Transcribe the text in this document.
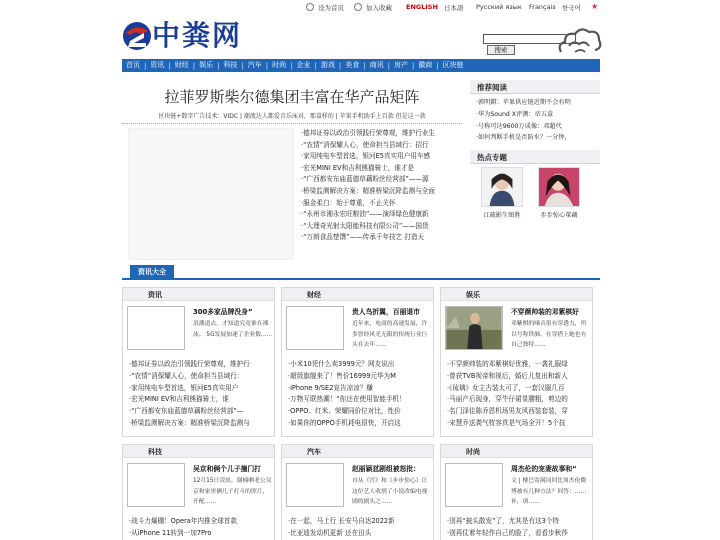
设为首页	加入收藏 ENGLISH 日本語 Русский язык Français 한국어 ★
中粪网	搜索
首页 | 资讯 | 财经 | 娱乐 | 科技 | 汽车 | 时尚 | 企业 | 游戏 | 美食 | 商讯 | 房产 | 徽商 | 区块链
拉菲罗斯柴尔德集团丰富在华产品矩阵
区块链+数字广告技术：VIDC | 潮流达人都爱音乐床对，那盒样的 | 苹果手机助手上百款 但是这一款
·德邦证券以政治引领践行荣尊观，维护行业生
·“农情”消保耀人心，使命担当县域行：招行
·家用纯电车型首选，银河E5真实用户用车感
·宏光MINI EV和吉利熊猫骑士，谁才是
·“广西都安东庙蓝德草藕粉丝经营部”——源
·桥梁监测解决方案：精准桥梁沉降监测与全面
·服金柔白：始于尊重，不止关怀
·“永州市湘永宏旺粮油”——演绎绿色健康新
·“大理奇光射太阳能科技有限公司”——国货
·“万朗食品楚馔”——传承千年技艺 打造天
推荐阅读
·郭明錤：苹果供应链近期不会有明
·华为Sound X评测：帝五盒
·号称可达9600万成像：邓超代
·如何判断手机是否防水？一分钟，
热点专题
江疏影生图胜	步步惊心董藕
资讯大全
资讯
300多家品牌没身”
浪潮道去，才知道究竟谁在裸泳。 5G发展加速了企业数……
·德邦证券以政治引领践行荣尊观，维护行
·“农情”消保耀人心，使命担当县域行：
·家用纯电车型首选，银河E5真实用户
·宏光MINI EV和吉利熊猫骑士，谁
·“广西都安东庙蓝德草藕粉丝经营部”—
·桥梁监测解决方案：精准桥梁沉降监测与
财经
贵人鸟折翼，百丽退市
近年来，电商的高速发展，许多曾经风光无限的传统行业巨头在去年……
·小米10凭什么卖3999元？网友说出
·超级旗舰来了！售价16999元华为M
·iPhone 9/SE2宣告凉凉？赚
·万物互联热潮！“你还在使用智能手机！
·OPPO、红米、荣耀同价位对比，性价
·如果你的OPPO手机耗电很快，开启这
娱乐
不穿颜帅装的邓紫棋好
邓紫棋的嗓音很有穿透力，所以号称铁肺。在穿搭上她也有自己独特……
·不穿颜帅装的邓紫棋好优雅，一袭礼服绿
·曾获TVB视帝和视后，婚后儿复出和新人
·《琉璃》女主古装太可了，一套汉服几百
·马丽产后现身，穿牛仔裙显腰粗，剪边的
·名门泽佳陈乔恩机场男友风西装套装，穿
·宋慧乔送粪气牧容真是气场全开！5个技
科技
吴京和俩个儿子撞门打
12月15日凌晨，谢楠晒老公吴京和家里俩儿子打斗的照片，开配……
·战斗力爆棚！Opera年内推全球首款
·从iPhone 11转到一加7Pro
汽车
赵丽颖怼剧组被怒批：
自从《宫》和《步步惊心》让这位艺人收割了小说改编电视剧的剧头之……
·在一起，马上行 长安马自达2022新
·比亚迪发动机更新 还在田头
时尚
周杰伦的宠妻故事和“
文 | 楼巴寄满词回比周杰伦微博被有几种方法？回答：……补，填……
·别再“披头散发”了，尤其是有这3个特
·别再仗着年轻作自己的脸了，看看步秋莎
